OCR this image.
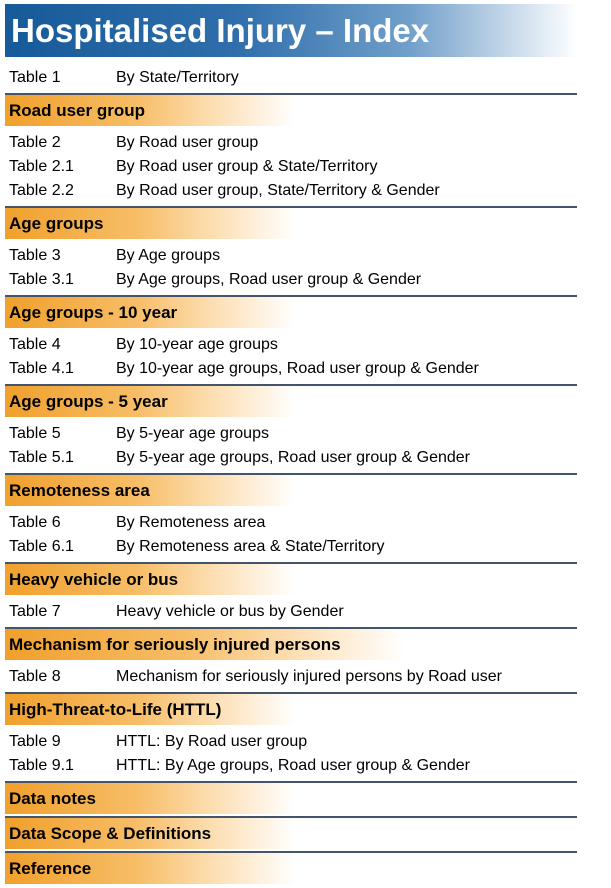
Hospitalised Injury – Index
Table 1	By State/Territory
Road user group
Table 2	By Road user group
Table 2.1	By Road user group & State/Territory
Table 2.2	By Road user group, State/Territory & Gender
Age groups
Table 3	By Age groups
Table 3.1	By Age groups, Road user group & Gender
Age groups - 10 year
Table 4	By 10-year age groups
Table 4.1	By 10-year age groups, Road user group & Gender
Age groups - 5 year
Table 5	By 5-year age groups
Table 5.1	By 5-year age groups, Road user group & Gender
Remoteness area
Table 6	By Remoteness area
Table 6.1	By Remoteness area & State/Territory
Heavy vehicle or bus
Table 7	Heavy vehicle or bus by Gender
Mechanism for seriously injured persons
Table 8	Mechanism for seriously injured persons by Road user
High-Threat-to-Life (HTTL)
Table 9	HTTL: By Road user group
Table 9.1	HTTL: By Age groups, Road user group & Gender
Data notes
Data Scope & Definitions
Reference
